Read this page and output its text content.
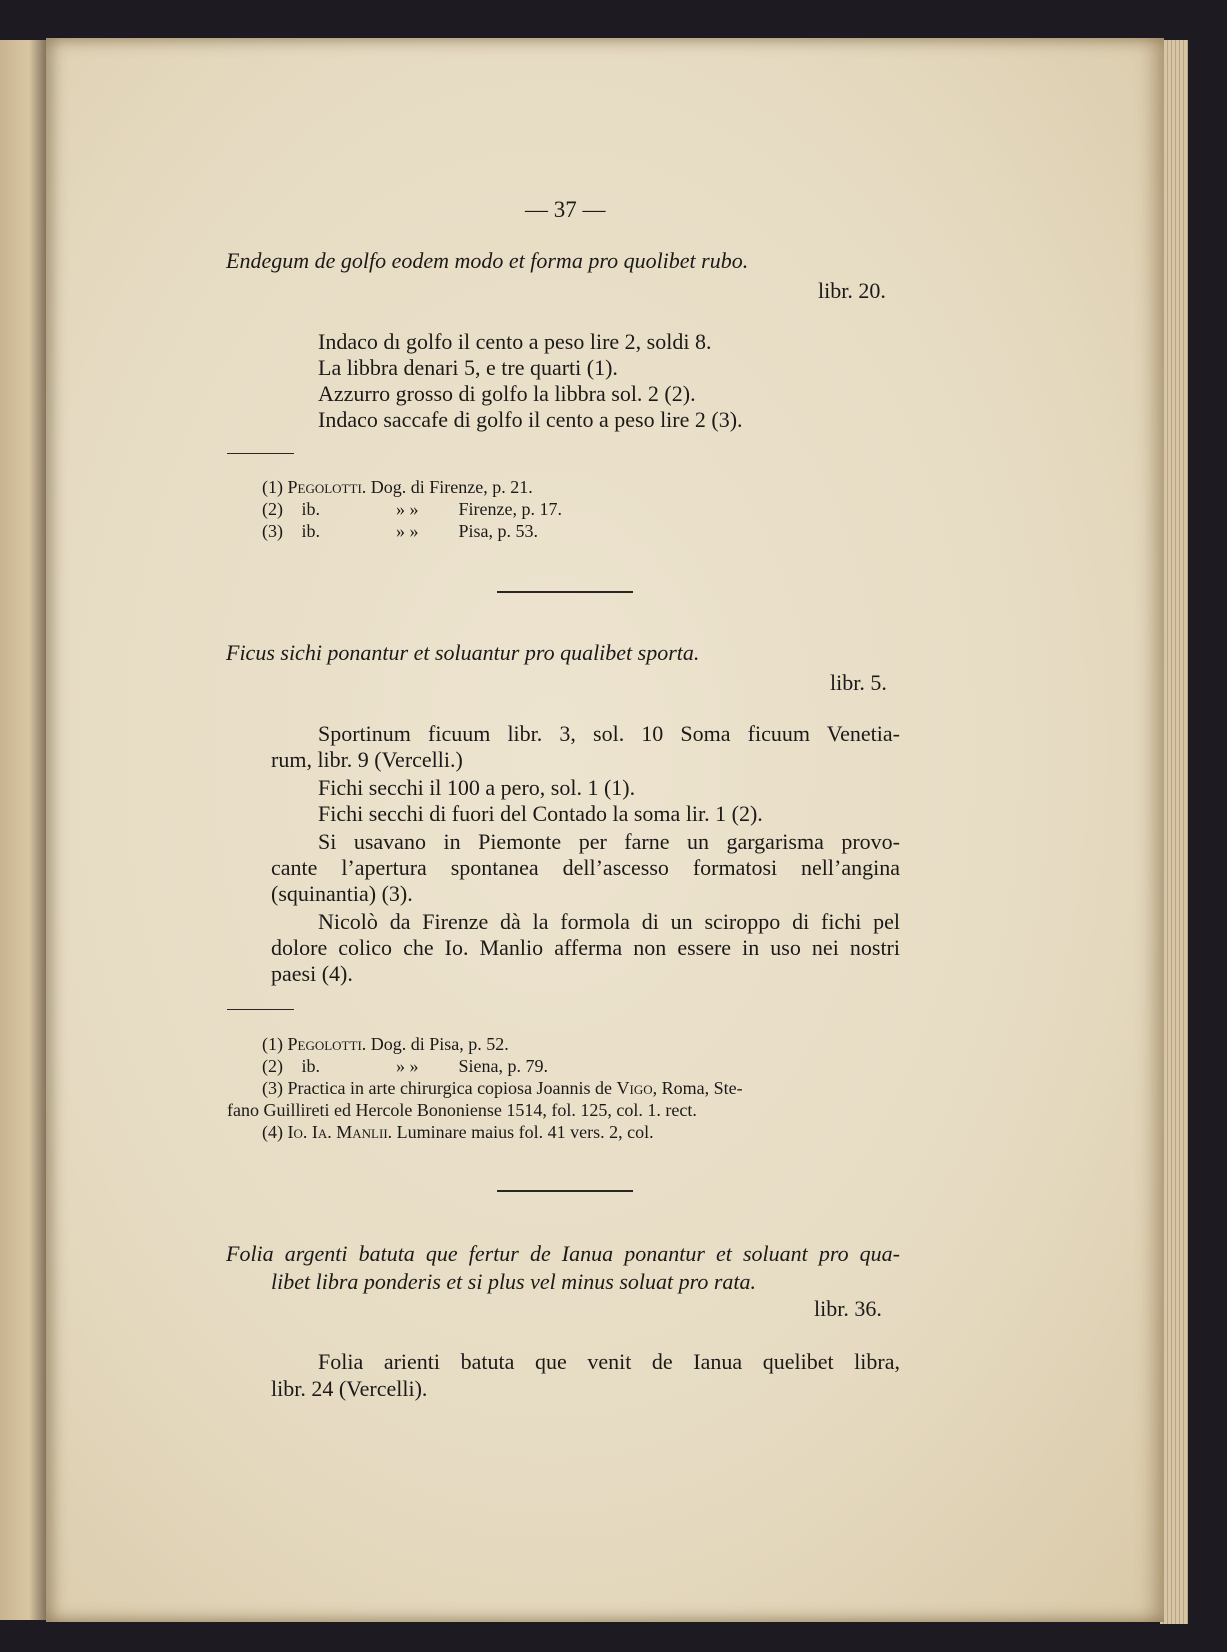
— 37 —
Endegum de golfo eodem modo et forma pro quolibet rubo.
libr. 20.
Indaco dı golfo il cento a peso lire 2, soldi 8.
La libbra denari 5, e tre quarti (1).
Azzurro grosso di golfo la libbra sol. 2 (2).
Indaco saccafe di golfo il cento a peso lire 2 (3).
(1) Pegolotti. Dog. di Firenze, p. 21.
(2) ib.	» » Firenze, p. 17.
(3) ib.	» » Pisa, p. 53.
Ficus sichi ponantur et soluantur pro qualibet sporta.
libr. 5.
Sportinum ficuum libr. 3, sol. 10 Soma ficuum Venetia-
rum, libr. 9 (Vercelli.)
Fichi secchi il 100 a pero, sol. 1 (1).
Fichi secchi di fuori del Contado la soma lir. 1 (2).
Si usavano in Piemonte per farne un gargarisma provo-
cante l’apertura spontanea dell’ascesso formatosi nell’angina
(squinantia) (3).
Nicolò da Firenze dà la formola di un sciroppo di fichi pel
dolore colico che Io. Manlio afferma non essere in uso nei nostri
paesi (4).
(1) Pegolotti. Dog. di Pisa, p. 52.
(2) ib.	» » Siena, p. 79.
(3) Practica in arte chirurgica copiosa Joannis de Vigo, Roma, Ste-
fano Guillireti ed Hercole Bononiense 1514, fol. 125, col. 1. rect.
(4) Io. Ia. Manlii. Luminare maius fol. 41 vers. 2, col.
Folia argenti batuta que fertur de Ianua ponantur et soluant pro qua-
libet libra ponderis et si plus vel minus soluat pro rata.
libr. 36.
Folia arienti batuta que venit de Ianua quelibet libra,
libr. 24 (Vercelli).
